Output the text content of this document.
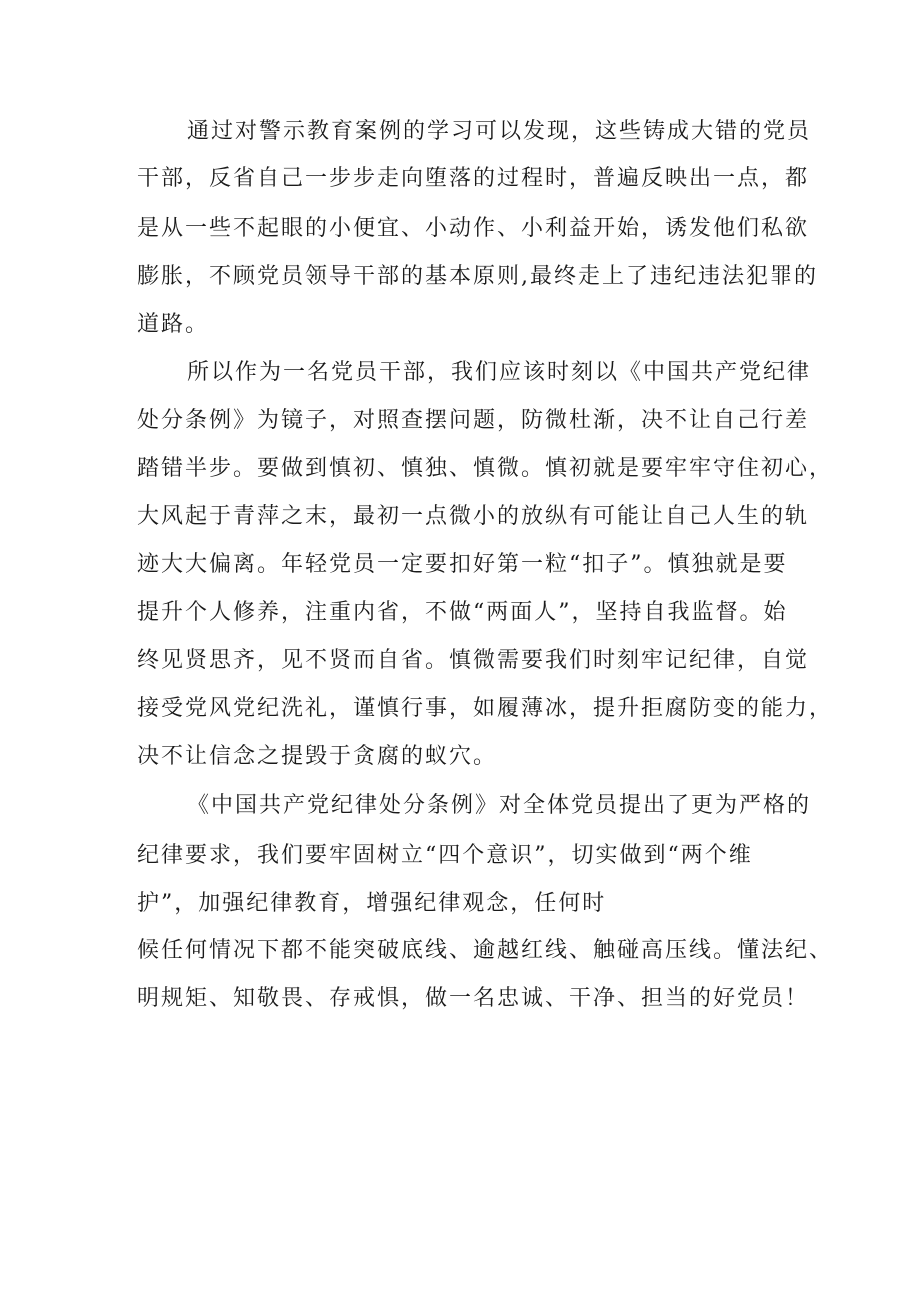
通过对警示教育案例的学习可以发现，这些铸成大错的党员
干部，反省自己一步步走向堕落的过程时，普遍反映出一点，都
是从一些不起眼的小便宜、小动作、小利益开始，诱发他们私欲
膨胀，不顾党员领导干部的基本原则,最终走上了违纪违法犯罪的
道路。
所以作为一名党员干部，我们应该时刻以《中国共产党纪律
处分条例》为镜子，对照查摆问题，防微杜渐，决不让自己行差
踏错半步。要做到慎初、慎独、慎微。慎初就是要牢牢守住初心，
大风起于青萍之末，最初一点微小的放纵有可能让自己人生的轨
迹大大偏离。年轻党员一定要扣好第一粒“扣子”。慎独就是要
提升个人修养，注重内省，不做“两面人”，坚持自我监督。始
终见贤思齐，见不贤而自省。慎微需要我们时刻牢记纪律，自觉
接受党风党纪洗礼，谨慎行事，如履薄冰，提升拒腐防变的能力，
决不让信念之提毁于贪腐的蚁穴。
《中国共产党纪律处分条例》对全体党员提出了更为严格的
纪律要求，我们要牢固树立“四个意识”，切实做到“两个维
护”，加强纪律教育，增强纪律观念，任何时
候任何情况下都不能突破底线、逾越红线、触碰高压线。懂法纪、
明规矩、知敬畏、存戒惧，做一名忠诚、干净、担当的好党员！
